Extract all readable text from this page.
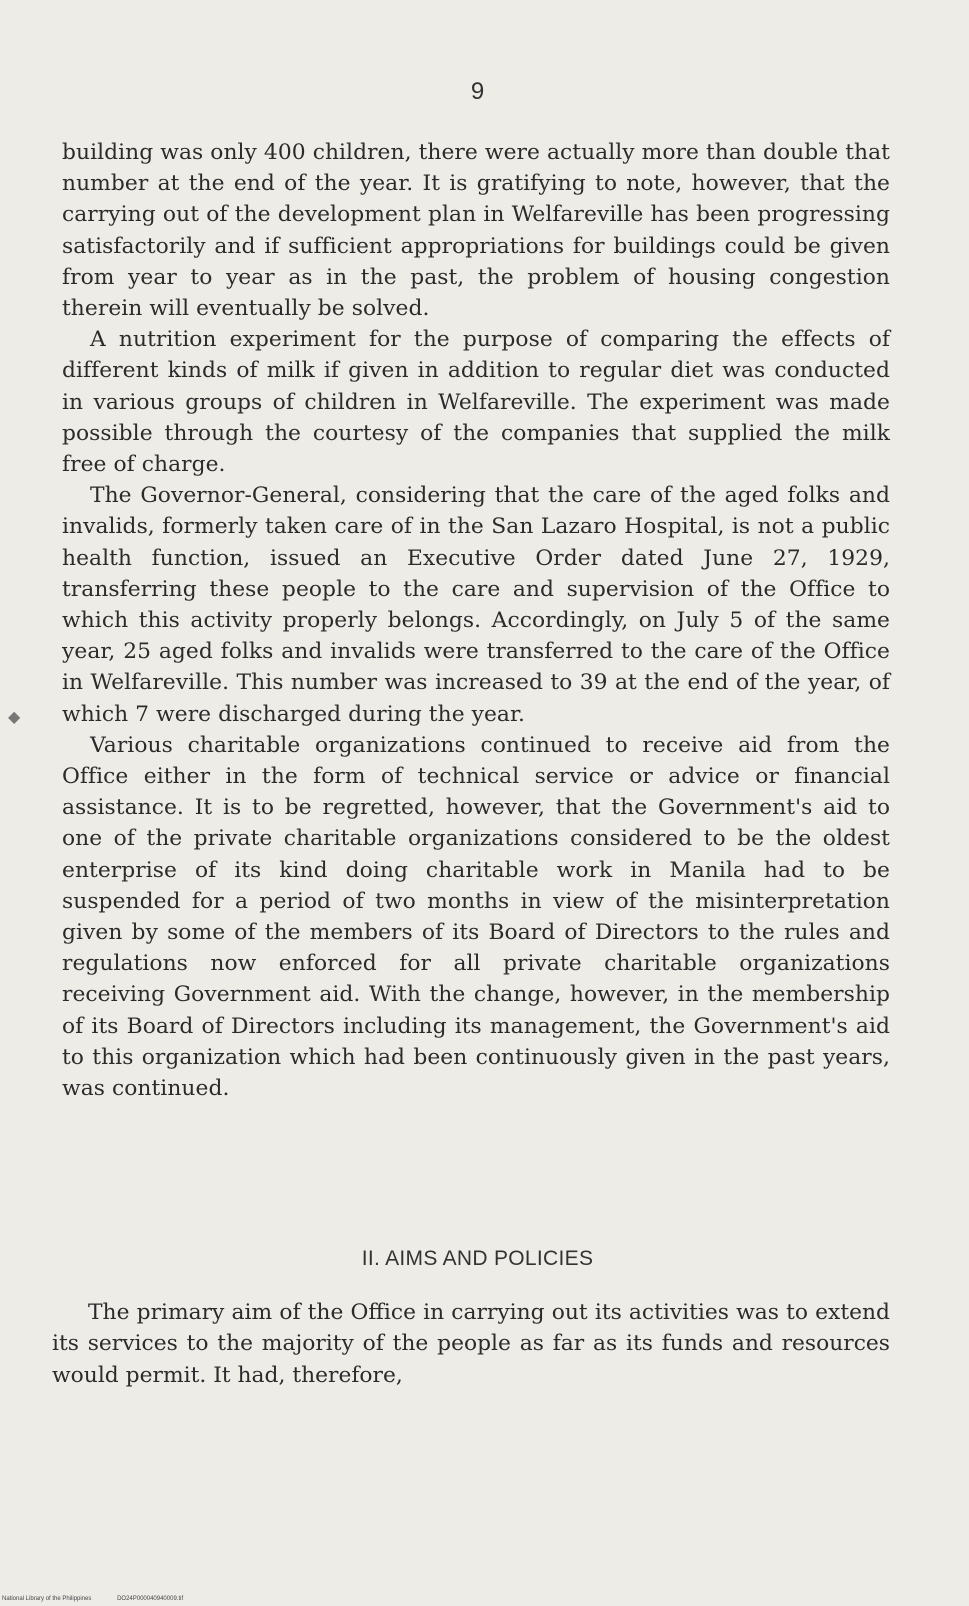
9

building was only 400 children, there were actually more than double that number at the end of the year. It is gratifying to note, however, that the carrying out of the development plan in Welfareville has been progressing satisfactorily and if sufficient appropriations for buildings could be given from year to year as in the past, the problem of housing congestion therein will eventually be solved.

A nutrition experiment for the purpose of comparing the effects of different kinds of milk if given in addition to regular diet was conducted in various groups of children in Welfareville. The experiment was made possible through the courtesy of the companies that supplied the milk free of charge.

The Governor-General, considering that the care of the aged folks and invalids, formerly taken care of in the San Lazaro Hospital, is not a public health function, issued an Executive Order dated June 27, 1929, transferring these people to the care and supervision of the Office to which this activity properly belongs. Accordingly, on July 5 of the same year, 25 aged folks and invalids were transferred to the care of the Office in Welfareville. This number was increased to 39 at the end of the year, of which 7 were discharged during the year.

Various charitable organizations continued to receive aid from the Office either in the form of technical service or advice or financial assistance. It is to be regretted, however, that the Government's aid to one of the private charitable organizations considered to be the oldest enterprise of its kind doing charitable work in Manila had to be suspended for a period of two months in view of the misinterpretation given by some of the members of its Board of Directors to the rules and regulations now enforced for all private charitable organizations receiving Government aid. With the change, however, in the membership of its Board of Directors including its management, the Government's aid to this organization which had been continuously given in the past years, was continued.

◆
II. AIMS AND POLICIES

The primary aim of the Office in carrying out its activities was to extend its services to the majority of the people as far as its funds and resources would permit. It had, therefore,

National Library of the Philippines	DO24P000040940009.tif
